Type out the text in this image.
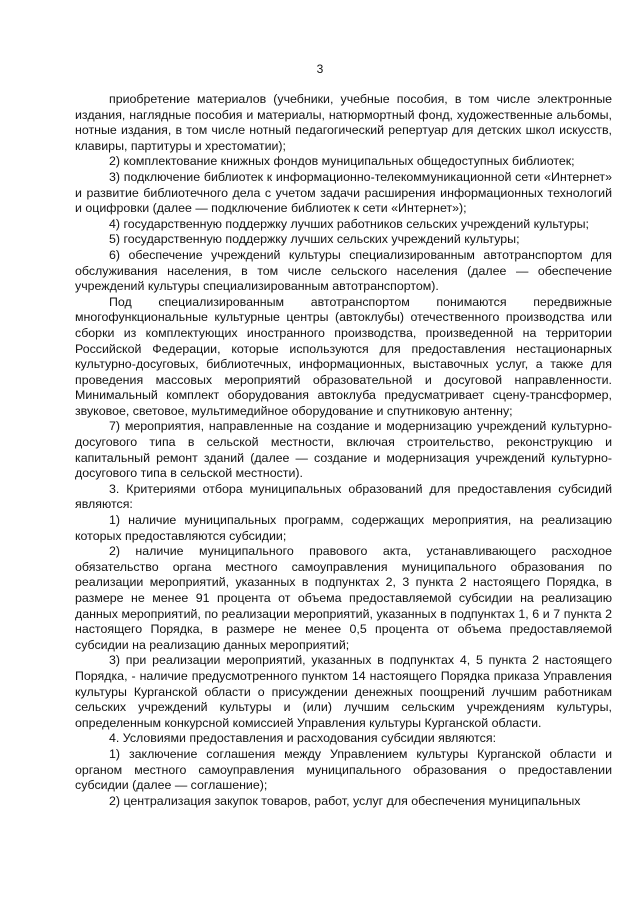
3

приобретение материалов (учебники, учебные пособия, в том числе электронные издания, наглядные пособия и материалы, натюрмортный фонд, художественные альбомы, нотные издания, в том числе нотный педагогический репертуар для детских школ искусств, клавиры, партитуры и хрестоматии);

2) комплектование книжных фондов муниципальных общедоступных библиотек;

3) подключение библиотек к информационно-телекоммуникационной сети «Интернет» и развитие библиотечного дела с учетом задачи расширения информационных технологий и оцифровки (далее — подключение библиотек к сети «Интернет»);

4) государственную поддержку лучших работников сельских учреждений культуры;

5) государственную поддержку лучших сельских учреждений культуры;

6) обеспечение учреждений культуры специализированным автотранспортом для обслуживания населения, в том числе сельского населения (далее — обеспечение учреждений культуры специализированным автотранспортом).

Под специализированным автотранспортом понимаются передвижные многофункциональные культурные центры (автоклубы) отечественного производства или сборки из комплектующих иностранного производства, произведенной на территории Российской Федерации, которые используются для предоставления нестационарных культурно-досуговых, библиотечных, информационных, выставочных услуг, а также для проведения массовых мероприятий образовательной и досуговой направленности. Минимальный комплект оборудования автоклуба предусматривает сцену-трансформер, звуковое, световое, мультимедийное оборудование и спутниковую антенну;

7) мероприятия, направленные на создание и модернизацию учреждений культурно-досугового типа в сельской местности, включая строительство, реконструкцию и капитальный ремонт зданий (далее — создание и модернизация учреждений культурно-досугового типа в сельской местности).

3. Критериями отбора муниципальных образований для предоставления субсидий являются:

1) наличие муниципальных программ, содержащих мероприятия, на реализацию которых предоставляются субсидии;

2) наличие муниципального правового акта, устанавливающего расходное обязательство органа местного самоуправления муниципального образования по реализации мероприятий, указанных в подпунктах 2, 3 пункта 2 настоящего Порядка, в размере не менее 91 процента от объема предоставляемой субсидии на реализацию данных мероприятий, по реализации мероприятий, указанных в подпунктах 1, 6 и 7 пункта 2 настоящего Порядка, в размере не менее 0,5 процента от объема предоставляемой субсидии на реализацию данных мероприятий;

3) при реализации мероприятий, указанных в подпунктах 4, 5 пункта 2 настоящего Порядка, - наличие предусмотренного пунктом 14 настоящего Порядка приказа Управления культуры Курганской области о присуждении денежных поощрений лучшим работникам сельских учреждений культуры и (или) лучшим сельским учреждениям культуры, определенным конкурсной комиссией Управления культуры Курганской области.

4. Условиями предоставления и расходования субсидии являются:

1) заключение соглашения между Управлением культуры Курганской области и органом местного самоуправления муниципального образования о предоставлении субсидии (далее — соглашение);

2) централизация закупок товаров, работ, услуг для обеспечения муниципальных
